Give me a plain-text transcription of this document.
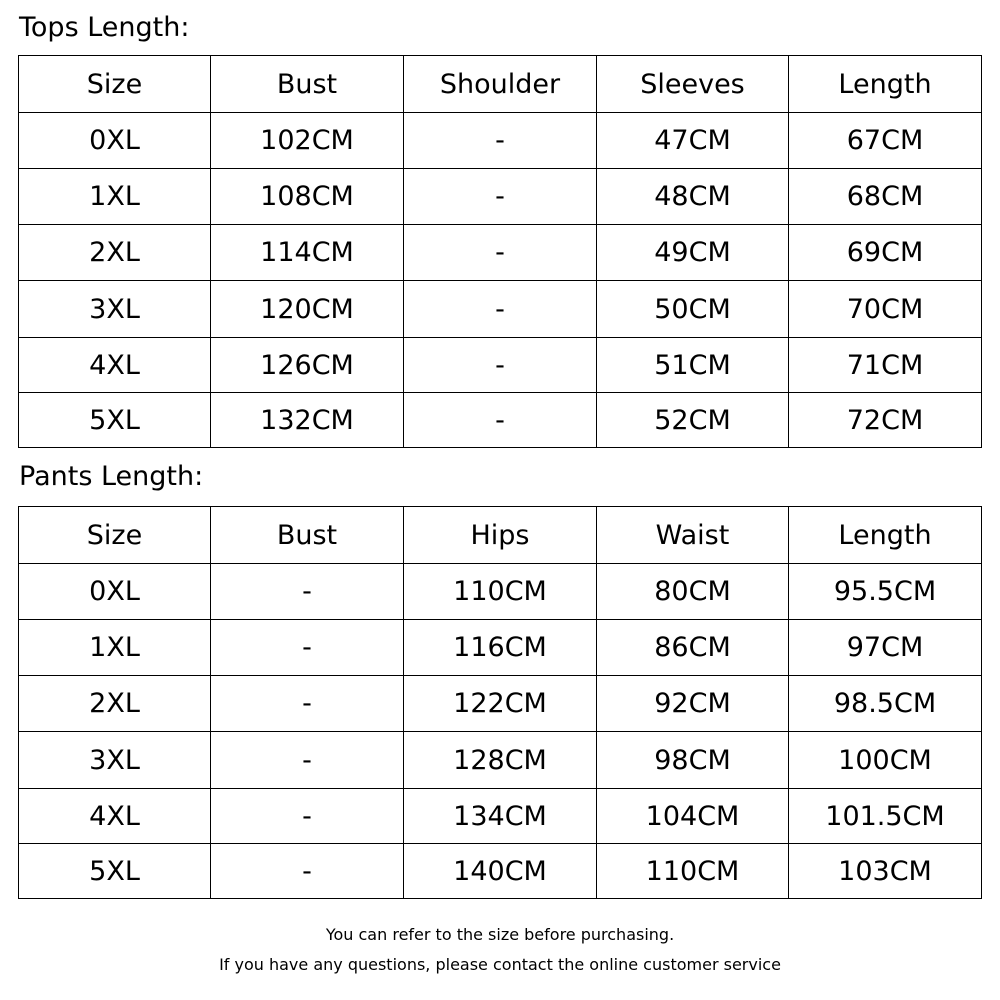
Tops Length:
Size	Bust	Shoulder	Sleeves	Length
0XL	102CM	-	47CM	67CM
1XL	108CM	-	48CM	68CM
2XL	114CM	-	49CM	69CM
3XL	120CM	-	50CM	70CM
4XL	126CM	-	51CM	71CM
5XL	132CM	-	52CM	72CM
Pants Length:
Size	Bust	Hips	Waist	Length
0XL	-	110CM	80CM	95.5CM
1XL	-	116CM	86CM	97CM
2XL	-	122CM	92CM	98.5CM
3XL	-	128CM	98CM	100CM
4XL	-	134CM	104CM	101.5CM
5XL	-	140CM	110CM	103CM

You can refer to the size before purchasing.

If you have any questions, please contact the online customer service
